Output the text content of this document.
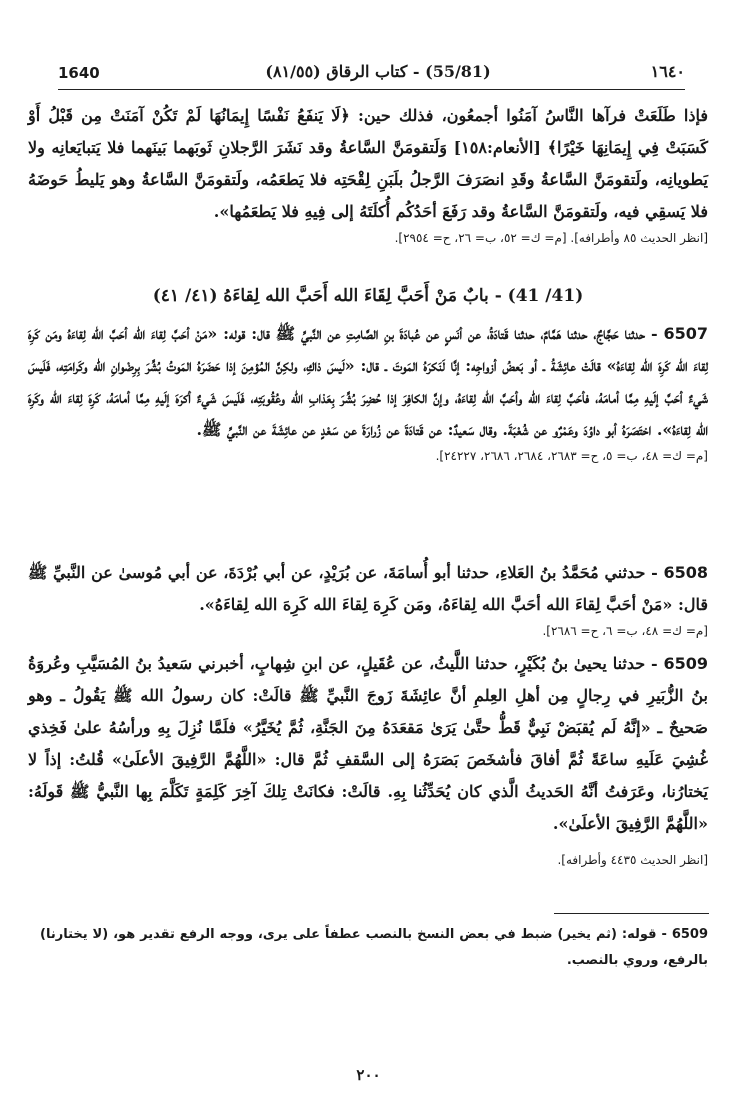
1640	(55/81) - كتاب الرقاق (٨١/٥٥)	١٦٤٠

فإذا طَلَعَتْ فرآها النَّاسُ آمَنُوا أجمعُون، فذلك حين: ﴿لَا يَنفَعُ نَفْسًا إِيمَانُهَا لَمْ تَكُنْ آمَنَتْ مِن قَبْلُ أَوْ كَسَبَتْ فِي إِيمَانِهَا خَيْرًا﴾ [الأنعام:١٥٨] وَلَتقومَنَّ السَّاعةُ وقد نَشَرَ الرَّجلانِ ثَوبَهما بَينَهما فلا يَتبايَعانِه ولا يَطويانِه، ولَتقومَنَّ السَّاعةُ وقَدِ انصَرَفَ الرَّجلُ بلَبَنِ لِقْحَتِه فلا يَطعَمُه، ولَتقومَنَّ السَّاعةُ وهو يَليطُ حَوضَهُ فلا يَسقِي فيه، ولَتقومَنَّ السَّاعةُ وقد رَفَعَ أحَدُكُم أُكلَتَهُ إلى فِيهِ فلا يَطعَمُها».

[انظر الحديث ٨٥ وأطرافه]. [م= ك= ٥٢، ب= ٢٦، ح= ٢٩٥٤].

(41/ 41) - بابٌ مَنْ أَحَبَّ لِقَاءَ الله أَحَبَّ الله لِقاءَهُ (٤١/ ٤١)

6507 - حدثنا حَجَّاجٌ، حدثنا هَمَّامٌ، حدثنا قَتادَةُ، عن أنَسٍ عن عُبادَةَ بنِ الصَّامِتِ عن النَّبيِّ ﷺ قال: قوله: «مَنْ أحَبَّ لِقاءَ الله أحَبَّ الله لِقاءَهُ ومَن كَرِهَ لِقاءَ الله كَرِهَ الله لِقاءَهُ» قالَتْ عائِشَةُ ـ أو بَعضُ أزواجِه: إنَّا لَنَكرَهُ المَوتَ ـ قال: «لَيسَ ذاكِ، ولكِنَّ المُؤمِنَ إذا حَضَرَهُ المَوتُ بُشِّرَ بِرِضْوانِ الله وكَرامَتِه، فَلَيسَ شَيءٌ أحَبَّ إلَيهِ مِمَّا أمامَهُ، فأحَبَّ لِقاءَ الله وأحَبَّ الله لِقاءَهُ، وإنَّ الكافِرَ إذا حُضِرَ بُشِّرَ بِعَذابِ الله وعُقُوبَتِه، فَلَيسَ شَيءٌ أكرَهَ إلَيهِ مِمَّا أمامَهُ، كَرِهَ لِقاءَ الله وكَرِهَ الله لِقاءَهُ». اختَصَرَهُ أبو داوُدَ وعَمْرٌو عن شُعْبَةَ. وقال سَعيدٌ: عن قَتادَةَ عن زُرارَةَ عن سَعْدٍ عن عائِشَةَ عن النَّبيِّ ﷺ.

[م= ك= ٤٨، ب= ٥، ح= ٢٦٨٣، ٢٦٨٤، ٢٦٨٦، ٢٤٢٢٧].

6508 - حدثني مُحَمَّدُ بنُ العَلاءِ، حدثنا أبو أُسامَةَ، عن بُرَيْدٍ، عن أبي بُرْدَةَ، عن أبي مُوسىٰ عن النَّبيِّ ﷺ قال: «مَنْ أحَبَّ لِقاءَ الله أحَبَّ الله لِقاءَهُ، ومَن كَرِهَ لِقاءَ الله كَرِهَ الله لِقاءَهُ».

[م= ك= ٤٨، ب= ٦، ح= ٢٦٨٦].

6509 - حدثنا يحيىٰ بنُ بُكَيْرٍ، حدثنا اللَّيثُ، عن عُقَيلٍ، عن ابنِ شِهابٍ، أخبرني سَعيدُ بنُ المُسَيَّبِ وعُروَةُ بنُ الزُّبَيرِ في رِجالٍ مِن أهلِ العِلمِ أنَّ عائِشَةَ زَوجَ النَّبيِّ ﷺ قالَتْ: كان رسولُ الله ﷺ يَقُولُ ـ وهو صَحيحٌ ـ «إنَّهُ لَم يُقبَضْ نَبِيٌّ قَطُّ حتَّىٰ يَرَىٰ مَقعَدَهُ مِنَ الجَنَّةِ، ثُمَّ يُخَيَّرُ» فلَمَّا نُزِلَ بِهِ ورأسُهُ علىٰ فَخِذي غُشِيَ عَلَيهِ ساعَةً ثُمَّ أفاقَ فأشخَصَ بَصَرَهُ إلى السَّقفِ ثُمَّ قال: «اللَّهُمَّ الرَّفِيقَ الأعلَىٰ» قُلتُ: إذاً لا يَختارُنا، وعَرَفتُ أنَّهُ الحَديثُ الَّذي كان يُحَدِّثُنا بِهِ. قالَتْ: فكانَتْ تِلكَ آخِرَ كَلِمَةٍ تَكَلَّمَ بِها النَّبيُّ ﷺ قَولَهُ: «اللَّهُمَّ الرَّفِيقَ الأعلَىٰ».

[انظر الحديث ٤٤٣٥ وأطرافه].

6509 - قوله: (ثم يخير) ضبط في بعض النسخ بالنصب عطفاً على يرى، ووجه الرفع تقدير هو، (لا يختارنا) بالرفع، وروي بالنصب.
٢٠٠
